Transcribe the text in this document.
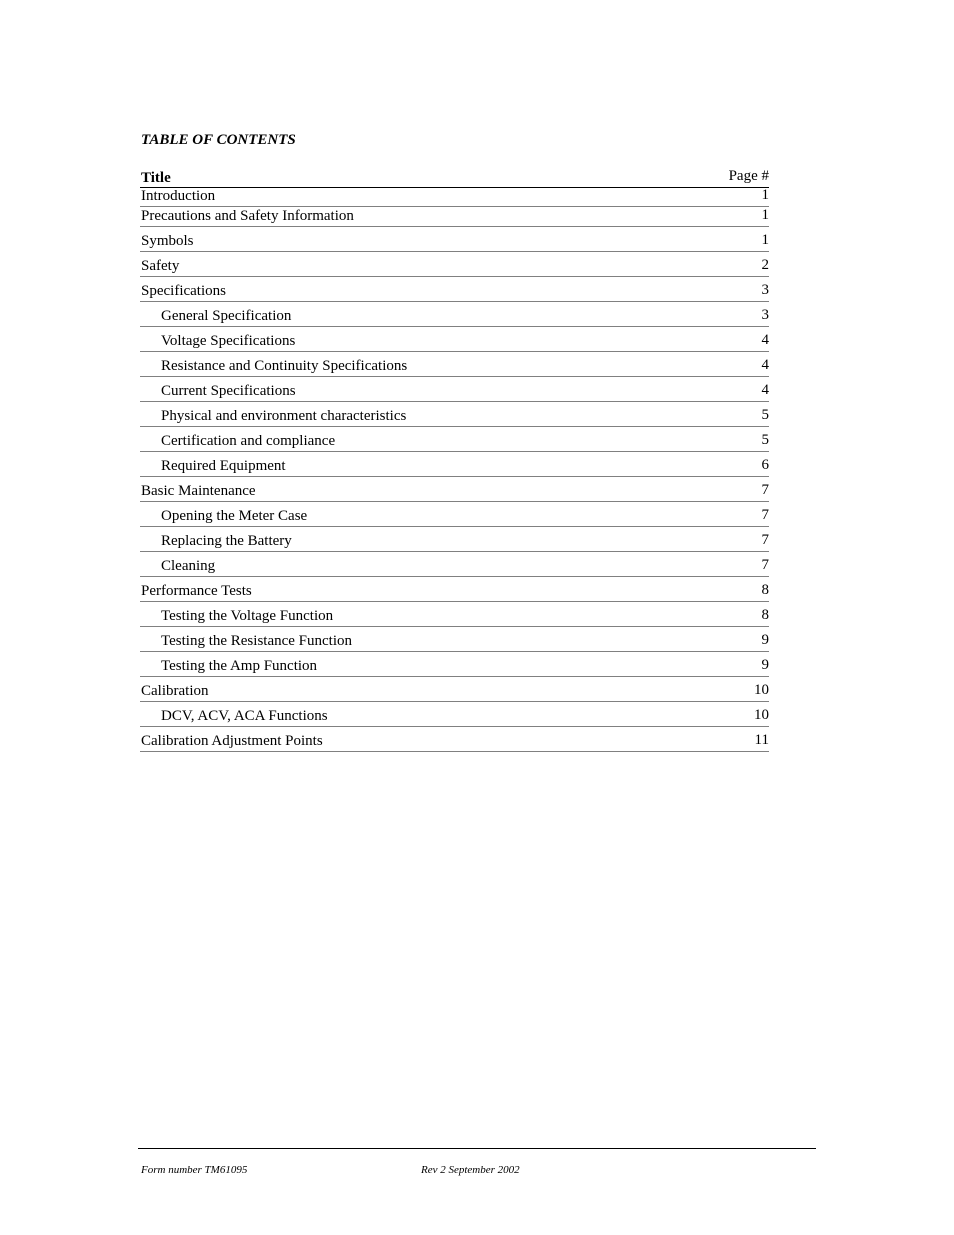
TABLE OF CONTENTS
Title	Page #
Introduction	1
Precautions and Safety Information	1
Symbols	1
Safety	2
Specifications	3
General Specification	3
Voltage Specifications	4
Resistance and Continuity Specifications	4
Current Specifications	4
Physical and environment characteristics	5
Certification and compliance	5
Required Equipment	6
Basic Maintenance	7
Opening the Meter Case	7
Replacing the Battery	7
Cleaning	7
Performance Tests	8
Testing the Voltage Function	8
Testing the Resistance Function	9
Testing the Amp Function	9
Calibration	10
DCV, ACV, ACA Functions	10
Calibration Adjustment Points	11
Form number TM61095	Rev 2 September 2002
